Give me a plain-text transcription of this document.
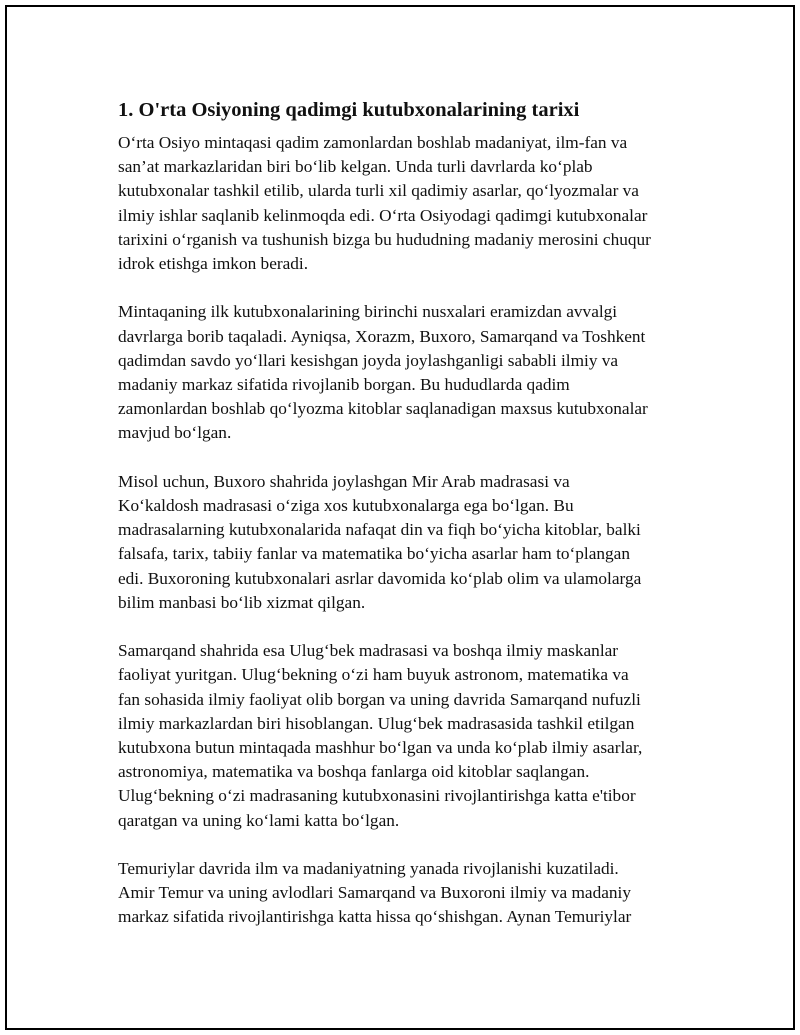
1. O'rta Osiyoning qadimgi kutubxonalarining tarixi
O‘rta Osiyo mintaqasi qadim zamonlardan boshlab madaniyat, ilm-fan va
san’at markazlaridan biri bo‘lib kelgan. Unda turli davrlarda ko‘plab
kutubxonalar tashkil etilib, ularda turli xil qadimiy asarlar, qo‘lyozmalar va
ilmiy ishlar saqlanib kelinmoqda edi. O‘rta Osiyodagi qadimgi kutubxonalar
tarixini o‘rganish va tushunish bizga bu hududning madaniy merosini chuqur
idrok etishga imkon beradi.
Mintaqaning ilk kutubxonalarining birinchi nusxalari eramizdan avvalgi
davrlarga borib taqaladi. Ayniqsa, Xorazm, Buxoro, Samarqand va Toshkent
qadimdan savdo yo‘llari kesishgan joyda joylashganligi sababli ilmiy va
madaniy markaz sifatida rivojlanib borgan. Bu hududlarda qadim
zamonlardan boshlab qo‘lyozma kitoblar saqlanadigan maxsus kutubxonalar
mavjud bo‘lgan.
Misol uchun, Buxoro shahrida joylashgan Mir Arab madrasasi va
Ko‘kaldosh madrasasi o‘ziga xos kutubxonalarga ega bo‘lgan. Bu
madrasalarning kutubxonalarida nafaqat din va fiqh bo‘yicha kitoblar, balki
falsafa, tarix, tabiiy fanlar va matematika bo‘yicha asarlar ham to‘plangan
edi. Buxoroning kutubxonalari asrlar davomida ko‘plab olim va ulamolarga
bilim manbasi bo‘lib xizmat qilgan.
Samarqand shahrida esa Ulug‘bek madrasasi va boshqa ilmiy maskanlar
faoliyat yuritgan. Ulug‘bekning o‘zi ham buyuk astronom, matematika va
fan sohasida ilmiy faoliyat olib borgan va uning davrida Samarqand nufuzli
ilmiy markazlardan biri hisoblangan. Ulug‘bek madrasasida tashkil etilgan
kutubxona butun mintaqada mashhur bo‘lgan va unda ko‘plab ilmiy asarlar,
astronomiya, matematika va boshqa fanlarga oid kitoblar saqlangan.
Ulug‘bekning o‘zi madrasaning kutubxonasini rivojlantirishga katta e'tibor
qaratgan va uning ko‘lami katta bo‘lgan.
Temuriylar davrida ilm va madaniyatning yanada rivojlanishi kuzatiladi.
Amir Temur va uning avlodlari Samarqand va Buxoroni ilmiy va madaniy
markaz sifatida rivojlantirishga katta hissa qo‘shishgan. Aynan Temuriylar
